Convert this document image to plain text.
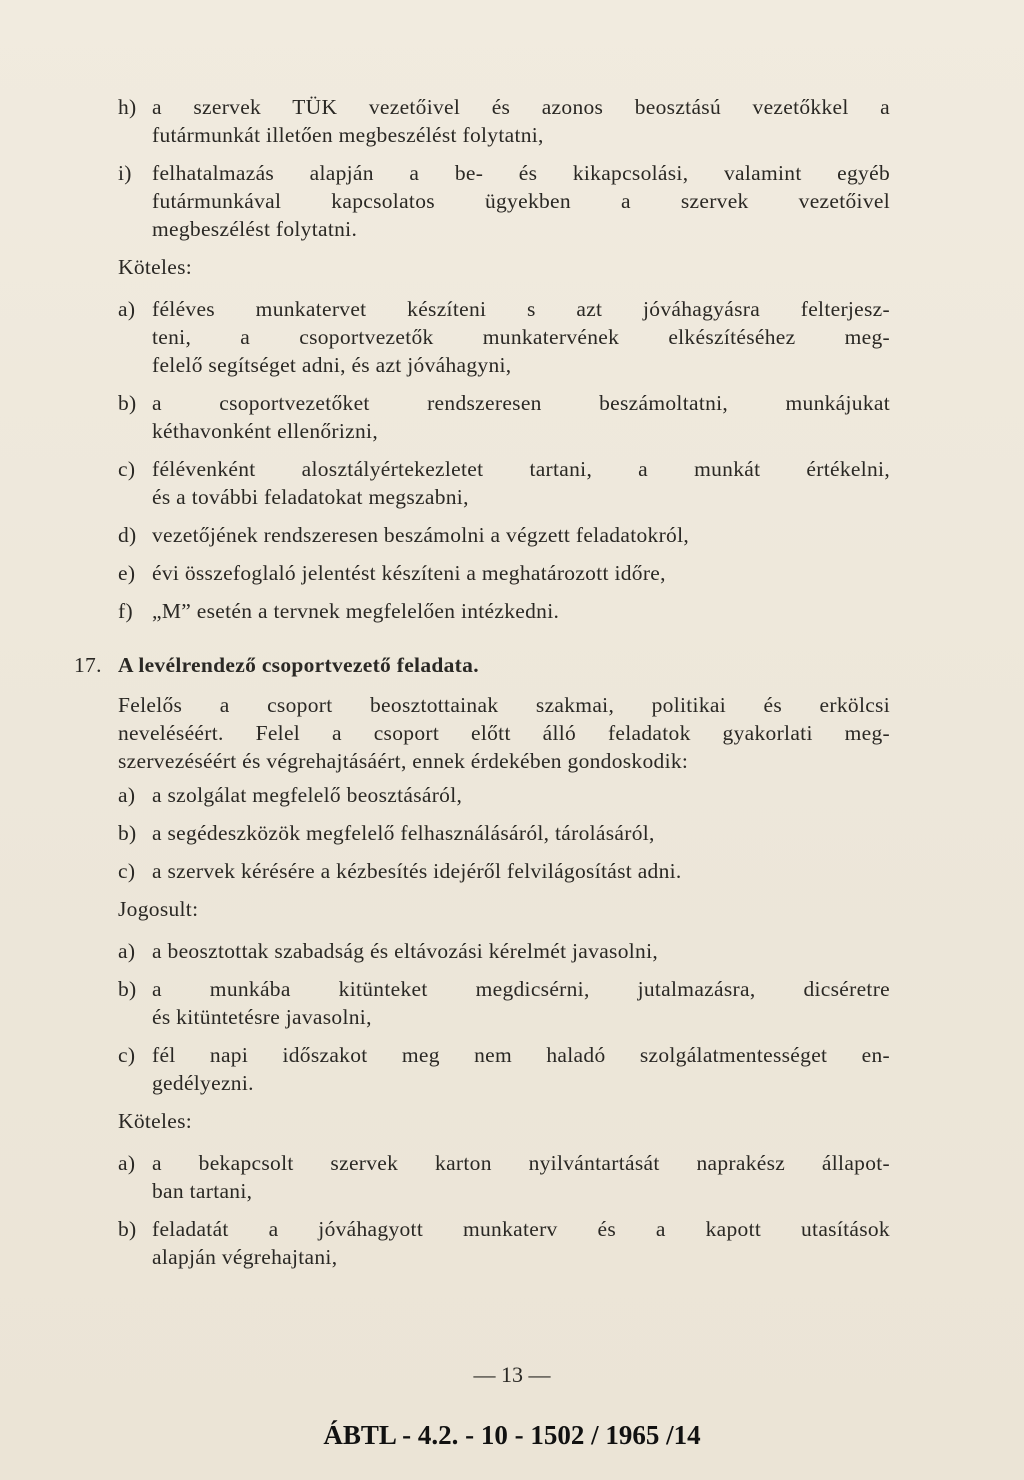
h) a szervek TÜK vezetőivel és azonos beosztású vezetőkkel a
futármunkát illetően megbeszélést folytatni,
i) felhatalmazás alapján a be- és kikapcsolási, valamint egyéb
futármunkával kapcsolatos ügyekben a szervek vezetőivel
megbeszélést folytatni.
Köteles:
a) féléves munkatervet készíteni s azt jóváhagyásra felterjesz-
teni, a csoportvezetők munkatervének elkészítéséhez meg-
felelő segítséget adni, és azt jóváhagyni,
b) a csoportvezetőket rendszeresen beszámoltatni, munkájukat
kéthavonként ellenőrizni,
c) félévenként alosztályértekezletet tartani, a munkát értékelni,
és a további feladatokat megszabni,
d) vezetőjének rendszeresen beszámolni a végzett feladatokról,
e) évi összefoglaló jelentést készíteni a meghatározott időre,
f) „M” esetén a tervnek megfelelően intézkedni.
17. A levélrendező csoportvezető feladata.
Felelős a csoport beosztottainak szakmai, politikai és erkölcsi
neveléséért. Felel a csoport előtt álló feladatok gyakorlati meg-
szervezéséért és végrehajtásáért, ennek érdekében gondoskodik:
a) a szolgálat megfelelő beosztásáról,
b) a segédeszközök megfelelő felhasználásáról, tárolásáról,
c) a szervek kérésére a kézbesítés idejéről felvilágosítást adni.
Jogosult:
a) a beosztottak szabadság és eltávozási kérelmét javasolni,
b) a munkába kitünteket megdicsérni, jutalmazásra, dicséretre
és kitüntetésre javasolni,
c) fél napi időszakot meg nem haladó szolgálatmentességet en-
gedélyezni.
Köteles:
a) a bekapcsolt szervek karton nyilvántartását naprakész állapot-
ban tartani,
b) feladatát a jóváhagyott munkaterv és a kapott utasítások
alapján végrehajtani,
— 13 —
ÁBTL - 4.2. - 10 - 1502 / 1965 /14
